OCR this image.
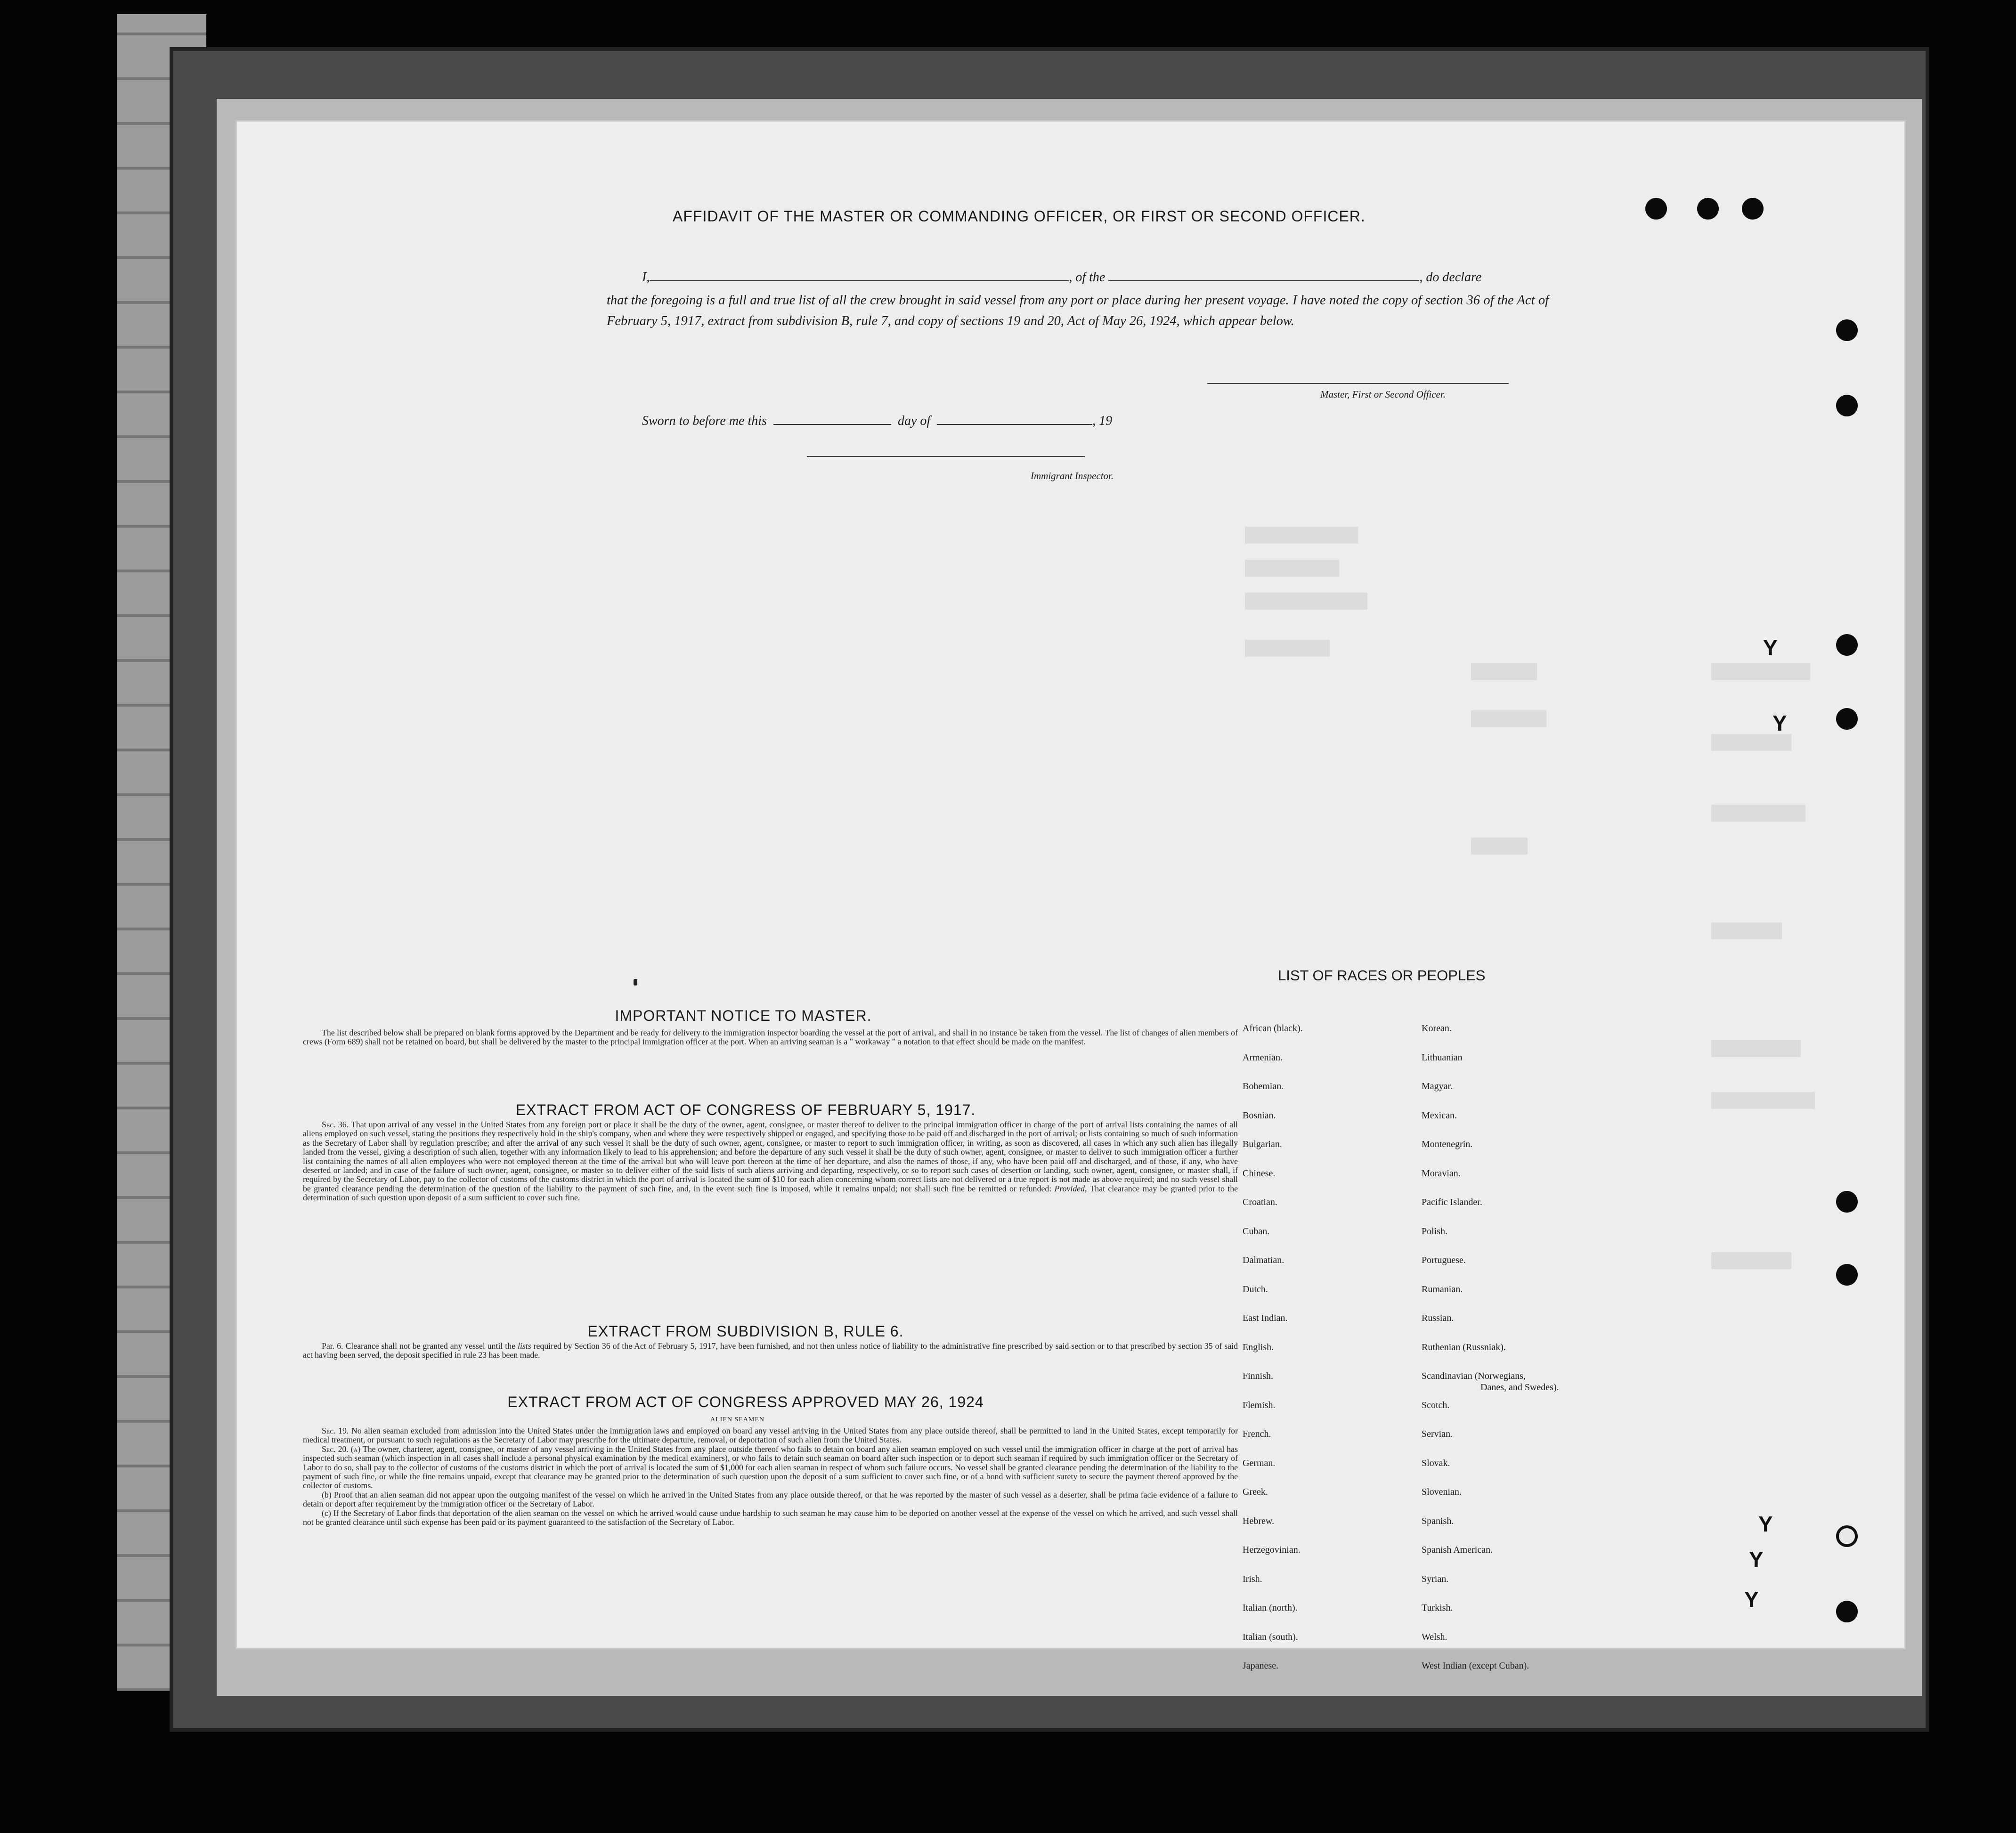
Y
Y
Y
Y
Y
AFFIDAVIT OF THE MASTER OR COMMANDING OFFICER, OR FIRST OR SECOND OFFICER.
I,	, of the	, do declare
that the foregoing is a full and true list of all the crew brought in said vessel from any port or place during her present voyage. I have noted the copy of section 36 of the Act of February 5, 1917, extract from subdivision B, rule 7, and copy of sections 19 and 20, Act of May 26, 1924, which appear below.
Master, First or Second Officer.
Sworn to before me this	day of	, 19
Immigrant Inspector.
IMPORTANT NOTICE TO MASTER.

The list described below shall be prepared on blank forms approved by the Department and be ready for delivery to the immigration inspector boarding the vessel at the port of arrival, and shall in no instance be taken from the vessel. The list of changes of alien members of crews (Form 689) shall not be retained on board, but shall be delivered by the master to the principal immigration officer at the port. When an arriving seaman is a " workaway " a notation to that effect should be made on the manifest.

EXTRACT FROM ACT OF CONGRESS OF FEBRUARY 5, 1917.

Sec. 36. That upon arrival of any vessel in the United States from any foreign port or place it shall be the duty of the owner, agent, consignee, or master thereof to deliver to the principal immigration officer in charge of the port of arrival lists containing the names of all aliens employed on such vessel, stating the positions they respectively hold in the ship's company, when and where they were respectively shipped or engaged, and specifying those to be paid off and discharged in the port of arrival; or lists containing so much of such information as the Secretary of Labor shall by regulation prescribe; and after the arrival of any such vessel it shall be the duty of such owner, agent, consignee, or master to report to such immigration officer, in writing, as soon as discovered, all cases in which any such alien has illegally landed from the vessel, giving a description of such alien, together with any information likely to lead to his apprehension; and before the departure of any such vessel it shall be the duty of such owner, agent, consignee, or master to deliver to such immigration officer a further list containing the names of all alien employees who were not employed thereon at the time of the arrival but who will leave port thereon at the time of her departure, and also the names of those, if any, who have been paid off and discharged, and of those, if any, who have deserted or landed; and in case of the failure of such owner, agent, consignee, or master so to deliver either of the said lists of such aliens arriving and departing, respectively, or so to report such cases of desertion or landing, such owner, agent, consignee, or master shall, if required by the Secretary of Labor, pay to the collector of customs of the customs district in which the port of arrival is located the sum of $10 for each alien concerning whom correct lists are not delivered or a true report is not made as above required; and no such vessel shall be granted clearance pending the determination of the question of the liability to the payment of such fine, and, in the event such fine is imposed, while it remains unpaid; nor shall such fine be remitted or refunded: Provided, That clearance may be granted prior to the determination of such question upon deposit of a sum sufficient to cover such fine.

EXTRACT FROM SUBDIVISION B, RULE 6.

Par. 6. Clearance shall not be granted any vessel until the lists required by Section 36 of the Act of February 5, 1917, have been furnished, and not then unless notice of liability to the administrative fine prescribed by said section or to that prescribed by section 35 of said act having been served, the deposit specified in rule 23 has been made.

EXTRACT FROM ACT OF CONGRESS APPROVED MAY 26, 1924
ALIEN SEAMEN

Sec. 19. No alien seaman excluded from admission into the United States under the immigration laws and employed on board any vessel arriving in the United States from any place outside thereof, shall be permitted to land in the United States, except temporarily for medical treatment, or pursuant to such regulations as the Secretary of Labor may prescribe for the ultimate departure, removal, or deportation of such alien from the United States.

Sec. 20. (a) The owner, charterer, agent, consignee, or master of any vessel arriving in the United States from any place outside thereof who fails to detain on board any alien seaman employed on such vessel until the immigration officer in charge at the port of arrival has inspected such seaman (which inspection in all cases shall include a personal physical examination by the medical examiners), or who fails to detain such seaman on board after such inspection or to deport such seaman if required by such immigration officer or the Secretary of Labor to do so, shall pay to the collector of customs of the customs district in which the port of arrival is located the sum of $1,000 for each alien seaman in respect of whom such failure occurs. No vessel shall be granted clearance pending the determination of the liability to the payment of such fine, or while the fine remains unpaid, except that clearance may be granted prior to the determination of such question upon the deposit of a sum sufficient to cover such fine, or of a bond with sufficient surety to secure the payment thereof approved by the collector of customs.

(b) Proof that an alien seaman did not appear upon the outgoing manifest of the vessel on which he arrived in the United States from any place outside thereof, or that he was reported by the master of such vessel as a deserter, shall be prima facie evidence of a failure to detain or deport after requirement by the immigration officer or the Secretary of Labor.

(c) If the Secretary of Labor finds that deportation of the alien seaman on the vessel on which he arrived would cause undue hardship to such seaman he may cause him to be deported on another vessel at the expense of the vessel on which he arrived, and such vessel shall not be granted clearance until such expense has been paid or its payment guaranteed to the satisfaction of the Secretary of Labor.

LIST OF RACES OR PEOPLES
African (black).
Armenian.
Bohemian.
Bosnian.
Bulgarian.
Chinese.
Croatian.
Cuban.
Dalmatian.
Dutch.
East Indian.
English.
Finnish.
Flemish.
French.
German.
Greek.
Hebrew.
Herzegovinian.
Irish.
Italian (north).
Italian (south).
Japanese.
Korean.
Lithuanian
Magyar.
Mexican.
Montenegrin.
Moravian.
Pacific Islander.
Polish.
Portuguese.
Rumanian.
Russian.
Ruthenian (Russniak).
Scandinavian (Norwegians,
Danes, and Swedes).
Scotch.
Servian.
Slovak.
Slovenian.
Spanish.
Spanish American.
Syrian.
Turkish.
Welsh.
West Indian (except Cuban).
